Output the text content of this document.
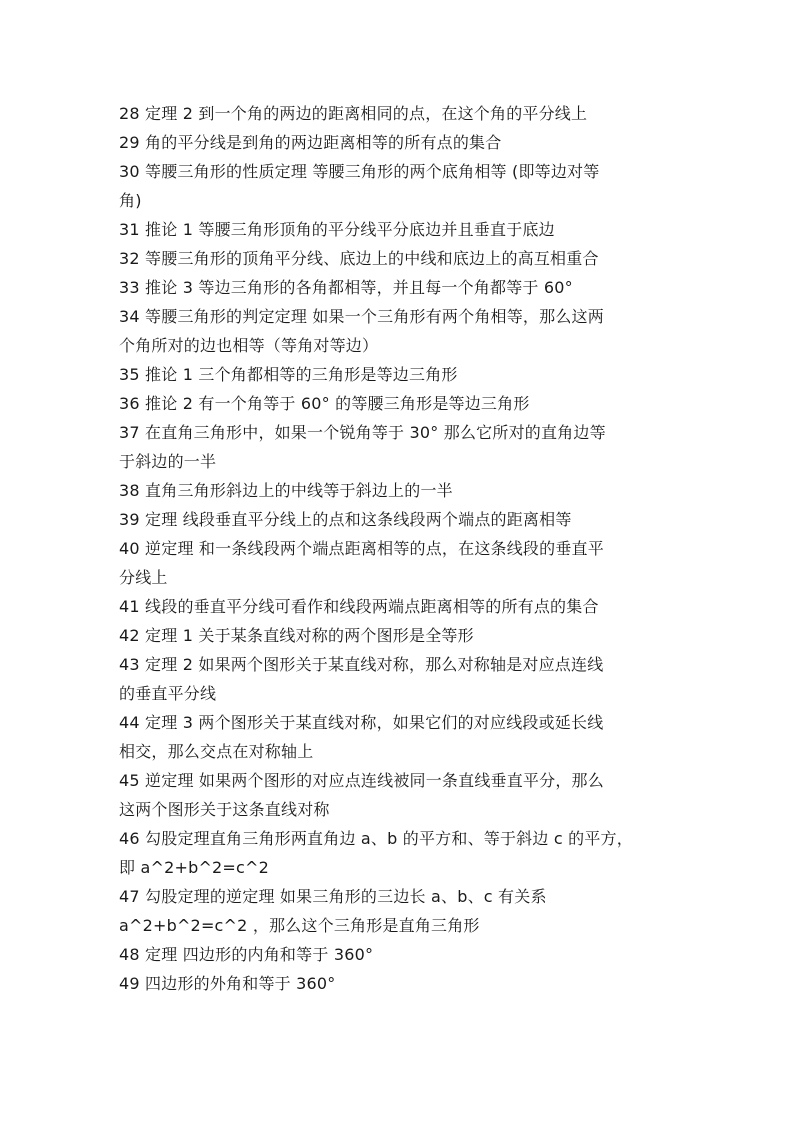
28 定理 2 到一个角的两边的距离相同的点，在这个角的平分线上
29 角的平分线是到角的两边距离相等的所有点的集合
30 等腰三角形的性质定理 等腰三角形的两个底角相等 (即等边对等
角)
31 推论 1 等腰三角形顶角的平分线平分底边并且垂直于底边
32 等腰三角形的顶角平分线、底边上的中线和底边上的高互相重合
33 推论 3 等边三角形的各角都相等，并且每一个角都等于 60°
34 等腰三角形的判定定理 如果一个三角形有两个角相等，那么这两
个角所对的边也相等（等角对等边）
35 推论 1 三个角都相等的三角形是等边三角形
36 推论 2 有一个角等于 60° 的等腰三角形是等边三角形
37 在直角三角形中，如果一个锐角等于 30° 那么它所对的直角边等
于斜边的一半
38 直角三角形斜边上的中线等于斜边上的一半
39 定理 线段垂直平分线上的点和这条线段两个端点的距离相等
40 逆定理 和一条线段两个端点距离相等的点，在这条线段的垂直平
分线上
41 线段的垂直平分线可看作和线段两端点距离相等的所有点的集合
42 定理 1 关于某条直线对称的两个图形是全等形
43 定理 2 如果两个图形关于某直线对称，那么对称轴是对应点连线
的垂直平分线
44 定理 3 两个图形关于某直线对称，如果它们的对应线段或延长线
相交，那么交点在对称轴上
45 逆定理 如果两个图形的对应点连线被同一条直线垂直平分，那么
这两个图形关于这条直线对称
46 勾股定理直角三角形两直角边 a、b 的平方和、等于斜边 c 的平方，
即 a^2+b^2=c^2
47 勾股定理的逆定理 如果三角形的三边长 a、b、c 有关系
a^2+b^2=c^2 ，那么这个三角形是直角三角形
48 定理 四边形的内角和等于 360°
49 四边形的外角和等于 360°
